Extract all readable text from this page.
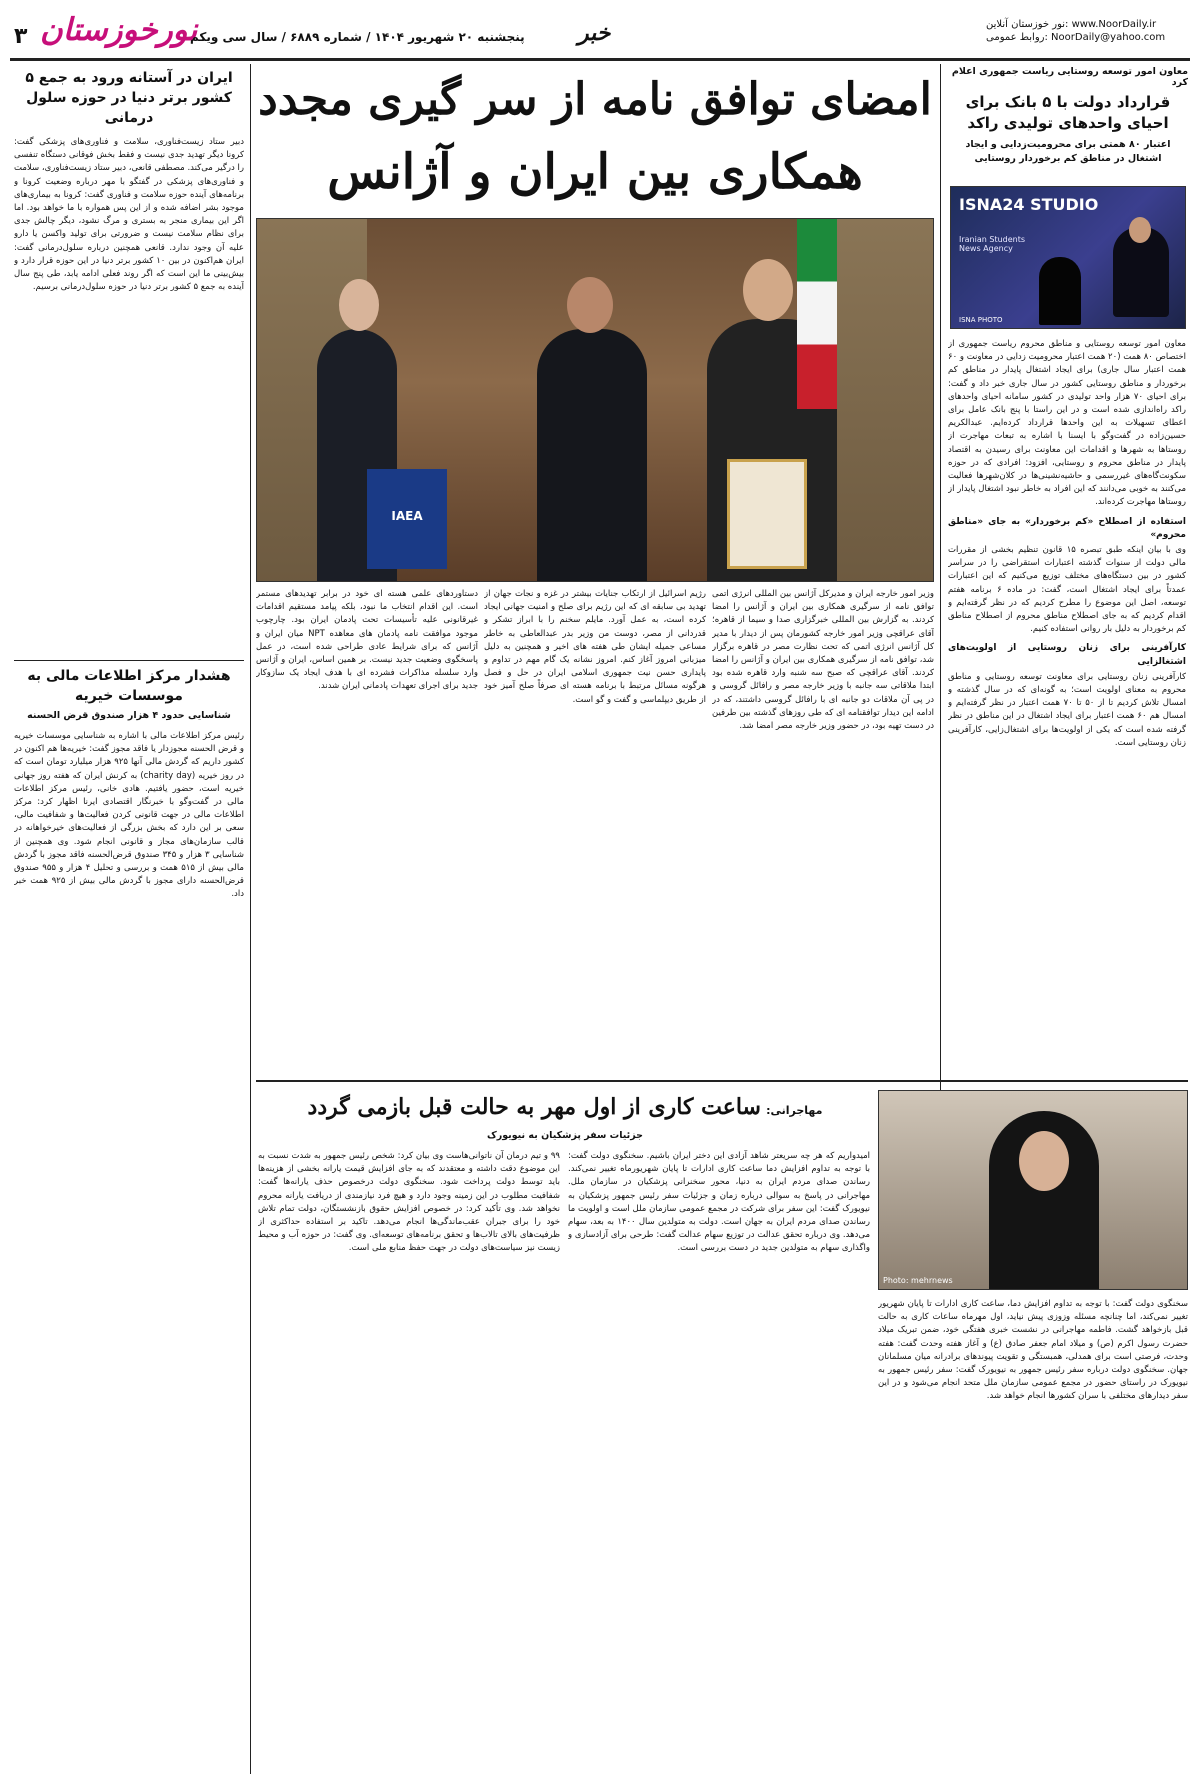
۳ نورخوزستان
پنجشنبه ۲۰ شهریور ۱۴۰۴ / شماره ۶۸۸۹ / سال سی ویکم خبر	نور خوزستان آنلاین: www.NoorDaily.ir
روابط عمومی: NoorDaily@yahoo.com
معاون امور توسعه روستایی ریاست جمهوری اعلام کرد
قرارداد دولت با ۵ بانک برای احیای واحدهای تولیدی راکد
اعتبار ۸۰ همتی برای محرومیت‌زدایی و ایجاد اشتغال در مناطق کم برخوردار روستایی
ISNA24 STUDIO
Iranian Students News Agency
ISNA PHOTO

معاون امور توسعه روستایی و مناطق محروم ریاست جمهوری از اختصاص ۸۰ همت (۲۰ همت اعتبار محرومیت زدایی در معاونت و ۶۰ همت اعتبار سال جاری) برای ایجاد اشتغال پایدار در مناطق کم برخوردار و مناطق روستایی کشور در سال جاری خبر داد و گفت: برای احیای ۷۰ هزار واحد تولیدی در کشور سامانه احیای واحدهای راکد راه‌اندازی شده است و در این راستا با پنج بانک عامل برای اعطای تسهیلات به این واحدها قرارداد کرده‌ایم. عبدالکریم حسین‌زاده در گفت‌وگو با ایسنا با اشاره به تبعات مهاجرت از روستاها به شهرها و اقدامات این معاونت برای رسیدن به اقتصاد پایدار در مناطق محروم و روستایی، افزود: افرادی که در حوزه سکونت‌گاه‌های غیررسمی و حاشیه‌نشینی‌ها در کلان‌شهرها فعالیت می‌کنند به خوبی می‌دانند که این افراد به خاطر نبود اشتغال پایدار از روستاها مهاجرت کرده‌اند.

استفاده از اصطلاح «کم برخوردار» به جای «مناطق محروم»

وی با بیان اینکه طبق تبصره ۱۵ قانون تنظیم بخشی از مقررات مالی دولت از سنوات گذشته اعتبارات استقراضی را در سراسر کشور در بین دستگاه‌های مختلف توزیع می‌کنیم که این اعتبارات عمدتاً برای ایجاد اشتغال است، گفت: در ماده ۶ برنامه هفتم توسعه، اصل این موضوع را مطرح کردیم که در نظر گرفته‌ایم و اقدام کردیم که به جای اصطلاح مناطق محروم از اصطلاح مناطق کم برخوردار به دلیل بار روانی استفاده کنیم.

کارآفرینی برای زنان روستایی از اولویت‌های اشتغالزایی

کارآفرینی زنان روستایی برای معاونت توسعه روستایی و مناطق محروم به معنای اولویت است؛ به گونه‌ای که در سال گذشته و امسال تلاش کردیم تا از ۵۰ تا ۷۰ همت اعتبار در نظر گرفته‌ایم و امسال هم ۶۰ همت اعتبار برای ایجاد اشتغال در این مناطق در نظر گرفته شده است که یکی از اولویت‌ها برای اشتغال‌زایی، کارآفرینی زنان روستایی است.

ایران در آستانه ورود به جمع ۵ کشور برتر دنیا در حوزه سلول درمانی
دبیر ستاد زیست‌فناوری، سلامت و فناوری‌های پزشکی گفت: کرونا دیگر تهدید جدی نیست و فقط بخش فوقانی دستگاه تنفسی را درگیر می‌کند. مصطفی قانعی، دبیر ستاد زیست‌فناوری، سلامت و فناوری‌های پزشکی در گفتگو با مهر درباره وضعیت کرونا و برنامه‌های آینده حوزه سلامت و فناوری گفت: کرونا به بیماری‌های موجود بشر اضافه شده و از این پس همواره با ما خواهد بود. اما اگر این بیماری منجر به بستری و مرگ نشود، دیگر چالش جدی برای نظام سلامت نیست و ضرورتی برای تولید واکسن یا دارو علیه آن وجود ندارد. قانعی همچنین درباره سلول‌درمانی گفت: ایران هم‌اکنون در بین ۱۰ کشور برتر دنیا در این حوزه قرار دارد و بیش‌بینی ما این است که اگر روند فعلی ادامه یابد، طی پنج سال آینده به جمع ۵ کشور برتر دنیا در حوزه سلول‌درمانی برسیم.
هشدار مرکز اطلاعات مالی به موسسات خیریه
شناسایی حدود ۴ هزار صندوق قرض الحسنه
رئیس مرکز اطلاعات مالی با اشاره به شناسایی موسسات خیریه و قرض الحسنه مجوزدار یا فاقد مجوز گفت: خیریه‌ها هم اکنون در کشور داریم که گردش مالی آنها ۹۲۵ هزار میلیارد تومان است که در روز خیریه (charity day) به کرنش ایران که هفته روز جهانی خیریه است، حضور یافتیم. هادی خانی، رئیس مرکز اطلاعات مالی در گفت‌وگو با خبرنگار اقتصادی ایرنا اظهار کرد: مرکز اطلاعات مالی در جهت قانونی کردن فعالیت‌ها و شفافیت مالی، سعی بر این دارد که بخش بزرگی از فعالیت‌های خیرخواهانه در قالب سازمان‌های مجاز و قانونی انجام شود. وی همچنین از شناسایی ۳ هزار و ۳۴۵ صندوق قرض‌الحسنه فاقد مجوز با گردش مالی بیش از ۵۱۵ همت و بررسی و تحلیل ۴ هزار و ۹۵۵ صندوق قرض‌الحسنه دارای مجوز با گردش مالی بیش از ۹۲۵ همت خبر داد.
امضای توافق نامه از سر گیری مجدد
همکاری بین ایران و آژانس
IAEA
وزیر امور خارجه ایران و مدیرکل آژانس بین المللی انرژی اتمی توافق نامه از سرگیری همکاری بین ایران و آژانس را امضا کردند. به گزارش بین المللی خبرگزاری صدا و سیما از قاهره؛ آقای عراقچی وزیر امور خارجه کشورمان پس از دیدار با مدیر کل آژانس انرژی اتمی که تحت نظارت مصر در قاهره برگزار شد، توافق نامه از سرگیری همکاری بین ایران و آژانس را امضا کردند. آقای عراقچی که صبح سه شنبه وارد قاهره شده بود ابتدا ملاقاتی سه جانبه با وزیر خارجه مصر و رافائل گروسی و در پی آن ملاقات دو جانبه ای با رافائل گروسی داشتند، که در ادامه این دیدار توافقنامه ای که طی روزهای گذشته بین طرفین در دست تهیه بود، در حضور وزیر خارجه مصر امضا شد.
رژیم اسرائیل از ارتکاب جنایات بیشتر در غزه و نجات جهان از تهدید بی سابقه ای که این رژیم برای صلح و امنیت جهانی ایجاد کرده است، به عمل آورد. مایلم سخنم را با ابراز تشکر و قدردانی از مصر، دوست من وزیر بدر عبدالعاطی به خاطر مساعی جمیله ایشان طی هفته های اخیر و همچنین به دلیل میزبانی امروز آغاز کنم. امروز نشانه یک گام مهم در تداوم و پایداری حسن نیت جمهوری اسلامی ایران در حل و فصل هرگونه مسائل مرتبط با برنامه هسته ای صرفاً صلح آمیز خود از طریق دیپلماسی و گفت و گو است.
دستاوردهای علمی هسته ای خود در برابر تهدیدهای مستمر است. این اقدام انتخاب ما نبود، بلکه پیامد مستقیم اقدامات غیرقانونی علیه تأسیسات تحت پادمان ایران بود. چارچوب موجود موافقت نامه پادمان های معاهده NPT میان ایران و آژانس که برای شرایط عادی طراحی شده است، در عمل پاسخگوی وضعیت جدید نیست. بر همین اساس، ایران و آژانس وارد سلسله مذاکرات فشرده ای با هدف ایجاد یک سازوکار جدید برای اجرای تعهدات پادمانی ایران شدند.
Photo: mehrnews
مهاجرانی: ساعت کاری از اول مهر به حالت قبل بازمی گردد
جزئیات سفر پزشکیان به نیویورک
سخنگوی دولت گفت: با توجه به تداوم افزایش دما، ساعت کاری ادارات تا پایان شهریور تغییر نمی‌کند، اما چنانچه مسئله وزوزی پیش نیاید، اول مهرماه ساعات کاری به حالت قبل بازخواهد گشت. فاطمه مهاجرانی در نشست خبری هفتگی خود، ضمن تبریک میلاد حضرت رسول اکرم (ص) و میلاد امام جعفر صادق (ع) و آغاز هفته وحدت گفت: هفته وحدت، فرصتی است برای همدلی، همبستگی و تقویت پیوندهای برادرانه میان مسلمانان جهان. سخنگوی دولت درباره سفر رئیس جمهور به نیویورک گفت: سفر رئیس جمهور به نیویورک در راستای حضور در مجمع عمومی سازمان ملل متحد انجام می‌شود و در این سفر دیدارهای مختلفی با سران کشورها انجام خواهد شد.
امیدواریم که هر چه سریعتر شاهد آزادی این دختر ایران باشیم. سخنگوی دولت گفت: با توجه به تداوم افزایش دما ساعت کاری ادارات تا پایان شهریورماه تغییر نمی‌کند. رساندن صدای مردم ایران به دنیا، محور سخنرانی پزشکیان در سازمان ملل. مهاجرانی در پاسخ به سوالی درباره زمان و جزئیات سفر رئیس جمهور پزشکیان به نیویورک گفت: این سفر برای شرکت در مجمع عمومی سازمان ملل است و اولویت ما رساندن صدای مردم ایران به جهان است. دولت به متولدین سال ۱۴۰۰ به بعد، سهام می‌دهد. وی درباره تحقق عدالت در توزیع سهام عدالت گفت: طرحی برای آزادسازی و واگذاری سهام به متولدین جدید در دست بررسی است.
۹۹ و تیم درمان آن ناتوانی‌هاست وی بیان کرد: شخص رئیس جمهور به شدت نسبت به این موضوع دقت داشته و معتقدند که به جای افزایش قیمت یارانه بخشی از هزینه‌ها باید توسط دولت پرداخت شود. سخنگوی دولت درخصوص حذف یارانه‌ها گفت: شفافیت مطلوب در این زمینه وجود دارد و هیچ فرد نیازمندی از دریافت یارانه محروم نخواهد شد. وی تأکید کرد: در خصوص افزایش حقوق بازنشستگان، دولت تمام تلاش خود را برای جبران عقب‌ماندگی‌ها انجام می‌دهد. تاکید بر استفاده حداکثری از ظرفیت‌های بالای تالاب‌ها و تحقق برنامه‌های توسعه‌ای. وی گفت: در حوزه آب و محیط زیست نیز سیاست‌های دولت در جهت حفظ منابع ملی است.
